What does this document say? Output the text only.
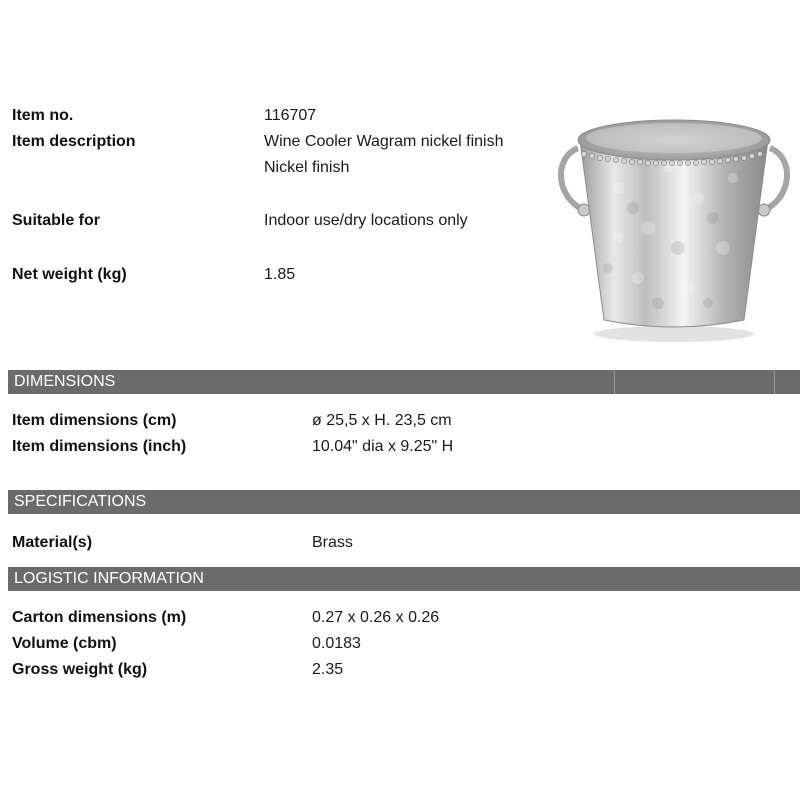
Item no.	116707
Item description	Wine Cooler Wagram nickel finish
Nickel finish
Suitable for	Indoor use/dry locations only
Net weight (kg)	1.85
DIMENSIONS
Item dimensions (cm)	ø 25,5 x H. 23,5 cm
Item dimensions (inch)	10.04" dia x 9.25" H
SPECIFICATIONS
Material(s)	Brass
LOGISTIC INFORMATION
Carton dimensions (m)	0.27 x 0.26 x 0.26
Volume (cbm)	0.0183
Gross weight (kg)	2.35
